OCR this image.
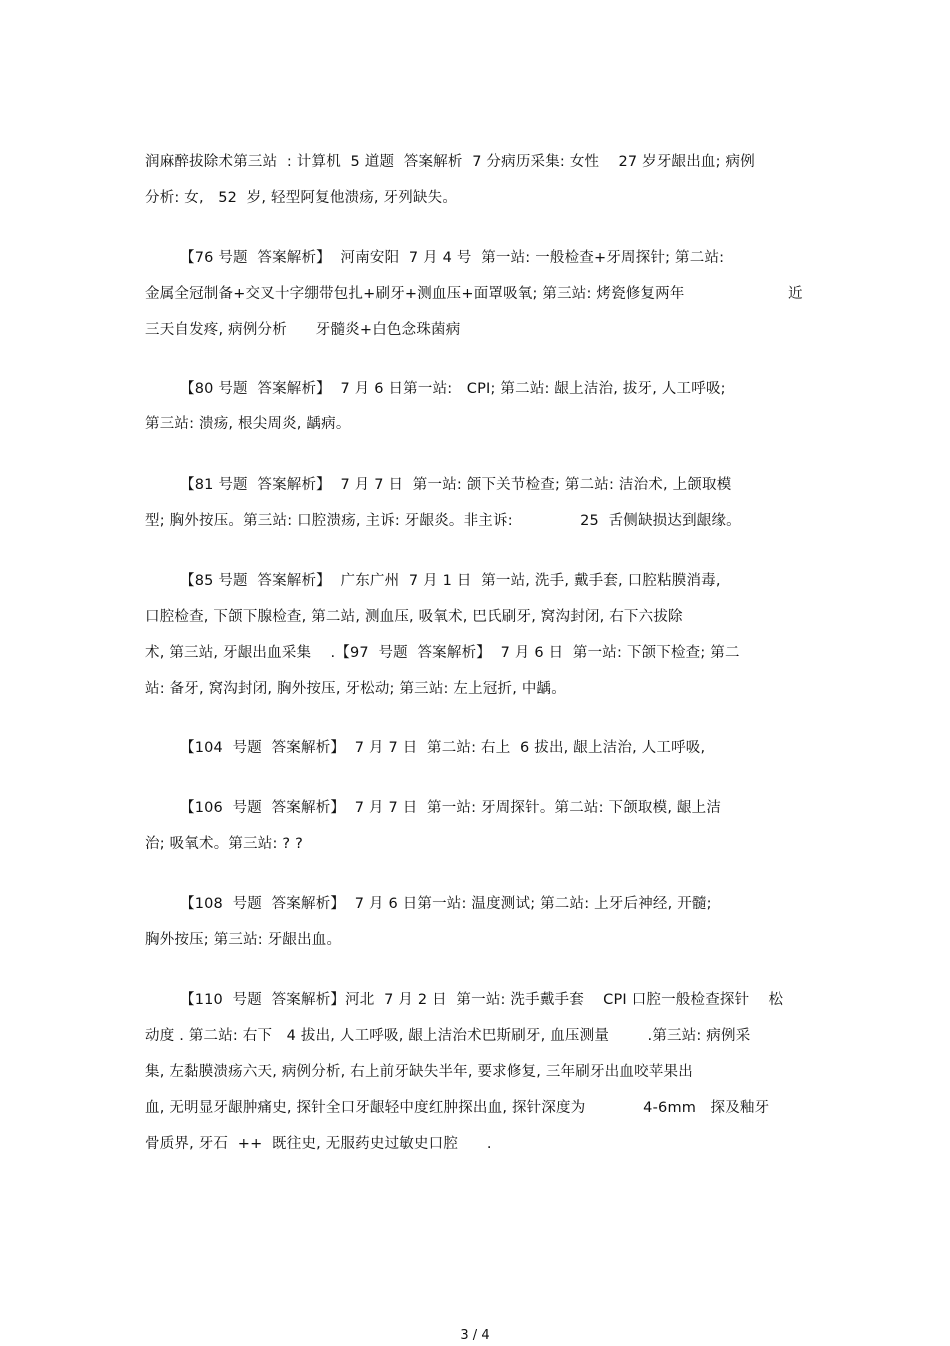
润麻醉拔除术第三站  : 计算机  5 道题  答案解析  7 分病历采集: 女性    27 岁牙龈出血; 病例
分析: 女,   52  岁, 轻型阿复他溃疡, 牙列缺失。
【76 号题  答案解析】  河南安阳  7 月 4 号  第一站: 一般检查+牙周探针; 第二站:
金属全冠制备+交叉十字绷带包扎+刷牙+测血压+面罩吸氧; 第三站: 烤瓷修复两年	近
三天自发疼, 病例分析      牙髓炎+白色念珠菌病
【80 号题  答案解析】  7 月 6 日第一站:   CPI; 第二站: 龈上洁治, 拔牙, 人工呼吸;
第三站: 溃疡, 根尖周炎, 龋病。
【81 号题  答案解析】  7 月 7 日  第一站: 颌下关节检查; 第二站: 洁治术, 上颌取模
型; 胸外按压。第三站: 口腔溃疡, 主诉: 牙龈炎。非主诉:              25  舌侧缺损达到龈缘。
【85 号题  答案解析】  广东广州  7 月 1 日  第一站, 洗手, 戴手套, 口腔粘膜消毒,
口腔检查, 下颌下腺检查, 第二站, 测血压, 吸氧术, 巴氏刷牙, 窝沟封闭, 右下六拔除
术, 第三站, 牙龈出血采集    .【97  号题  答案解析】  7 月 6 日  第一站: 下颌下检查; 第二
站: 备牙, 窝沟封闭, 胸外按压, 牙松动; 第三站: 左上冠折, 中龋。
【104  号题  答案解析】  7 月 7 日  第二站: 右上  6 拔出, 龈上洁治, 人工呼吸,
【106  号题  答案解析】  7 月 7 日  第一站: 牙周探针。第二站: 下颌取模, 龈上洁
治; 吸氧术。第三站: ? ?
【108  号题  答案解析】  7 月 6 日第一站: 温度测试; 第二站: 上牙后神经, 开髓;
胸外按压; 第三站: 牙龈出血。
【110  号题  答案解析】河北  7 月 2 日  第一站: 洗手戴手套    CPI 口腔一般检查探针    松
动度 . 第二站: 右下   4 拔出, 人工呼吸, 龈上洁治术巴斯刷牙, 血压测量        .第三站: 病例采
集, 左黏膜溃疡六天, 病例分析, 右上前牙缺失半年, 要求修复, 三年刷牙出血咬苹果出
血, 无明显牙龈肿痛史, 探针全口牙龈轻中度红肿探出血, 探针深度为            4-6mm   探及釉牙
骨质界, 牙石  ++  既往史, 无服药史过敏史口腔      .
3 / 4
